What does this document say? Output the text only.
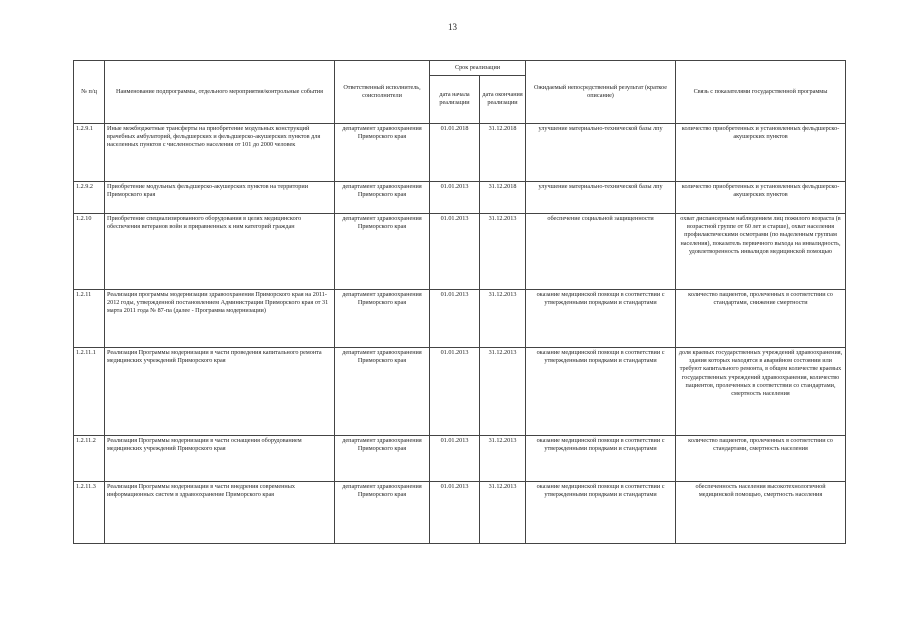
13
№ п/ц	Наименование подпрограммы, отдельного мероприятия/контрольные события	Ответственный исполнитель, соисполнители	Срок реализации		Ожидаемый непосредственный результат (краткое описание)	Связь с показателями государственной программы
			дата начала реализации	дата окончания реализации		
1.2.9.1	Иные межбюджетные трансферты на приобретение модульных конструкций врачебных амбулаторий, фельдшерских и фельдшерско-акушерских пунктов для населенных пунктов с численностью населения от 101 до 2000 человек	департамент здравоохранения Приморского края	01.01.2018	31.12.2018	улучшение материально-технической базы лпу	количество приобретенных и установленных фельдшерско-акушерских пунктов
1.2.9.2	Приобретение модульных фельдшерско-акушерских пунктов на территории Приморского края	департамент здравоохранения Приморского края	01.01.2013	31.12.2018	улучшение материально-технической базы лпу	количество приобретенных и установленных фельдшерско-акушерских пунктов
1.2.10	Приобретение специализированного оборудования в целях медицинского обеспечения ветеранов войн и приравненных к ним категорий граждан	департамент здравоохранения Приморского края	01.01.2013	31.12.2013	обеспечение социальной защищенности	охват диспансерным наблюдением лиц пожилого возраста (в возрастной группе от 60 лет и старше), охват населения профилактическими осмотрами (по выделенным группам населения), показатель первичного выхода на инвалидность, удовлетворенность инвалидов медицинской помощью
1.2.11	Реализация программы модернизации здравоохранения Приморского края на 2011-2012 годы, утвержденной постановлением Администрации Приморского края от 31 марта 2011 года № 87-па (далее - Программа модернизации)	департамент здравоохранения Приморского края	01.01.2013	31.12.2013	оказание медицинской помощи в соответствии с утвержденными порядками и стандартами	количество пациентов, пролеченных в соответствии со стандартами, снижение смертности
1.2.11.1	Реализация Программы модернизации в части проведения капитального ремонта медицинских учреждений Приморского края	департамент здравоохранения Приморского края	01.01.2013	31.12.2013	оказание медицинской помощи в соответствии с утвержденными порядками и стандартами	доля краевых государственных учреждений здравоохранения, здания которых находятся в аварийном состоянии или требуют капитального ремонта, в общем количестве краевых государственных учреждений здравоохранения, количество пациентов, пролеченных в соответствии со стандартами, смертность населения
1.2.11.2	Реализация Программы модернизации в части оснащения оборудованием медицинских учреждений Приморского края	департамент здравоохранения Приморского края	01.01.2013	31.12.2013	оказание медицинской помощи в соответствии с утвержденными порядками и стандартами	количество пациентов, пролеченных в соответствии со стандартами, смертность населения
1.2.11.3	Реализация Программы модернизации в части внедрения современных информационных систем в здравоохранение Приморского края	департамент здравоохранения Приморского края	01.01.2013	31.12.2013	оказание медицинской помощи в соответствии с утвержденными порядками и стандартами	обеспеченность населения высокотехнологичной медицинской помощью, смертность населения
